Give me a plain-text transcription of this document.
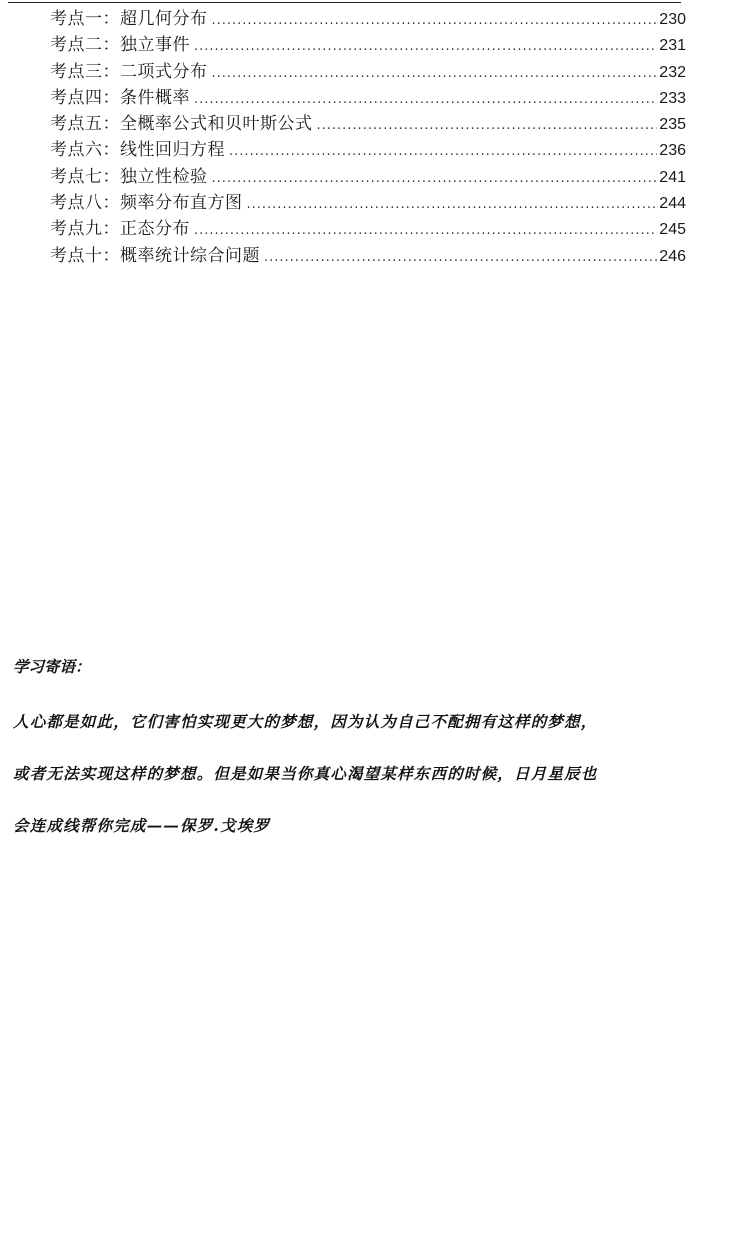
考点一：超几何分布 .....	230
考点二：独立事件 .....	231
考点三：二项式分布 .....	232
考点四：条件概率 .....	233
考点五：全概率公式和贝叶斯公式 .....	235
考点六：线性回归方程 .....	236
考点七：独立性检验 .....	241
考点八：频率分布直方图 .....	244
考点九：正态分布 .....	245
考点十：概率统计综合问题 .....	246
学习寄语：
人心都是如此，它们害怕实现更大的梦想，因为认为自己不配拥有这样的梦想，
或者无法实现这样的梦想。但是如果当你真心渴望某样东西的时候，日月星辰也
会连成线帮你完成——保罗.戈埃罗
